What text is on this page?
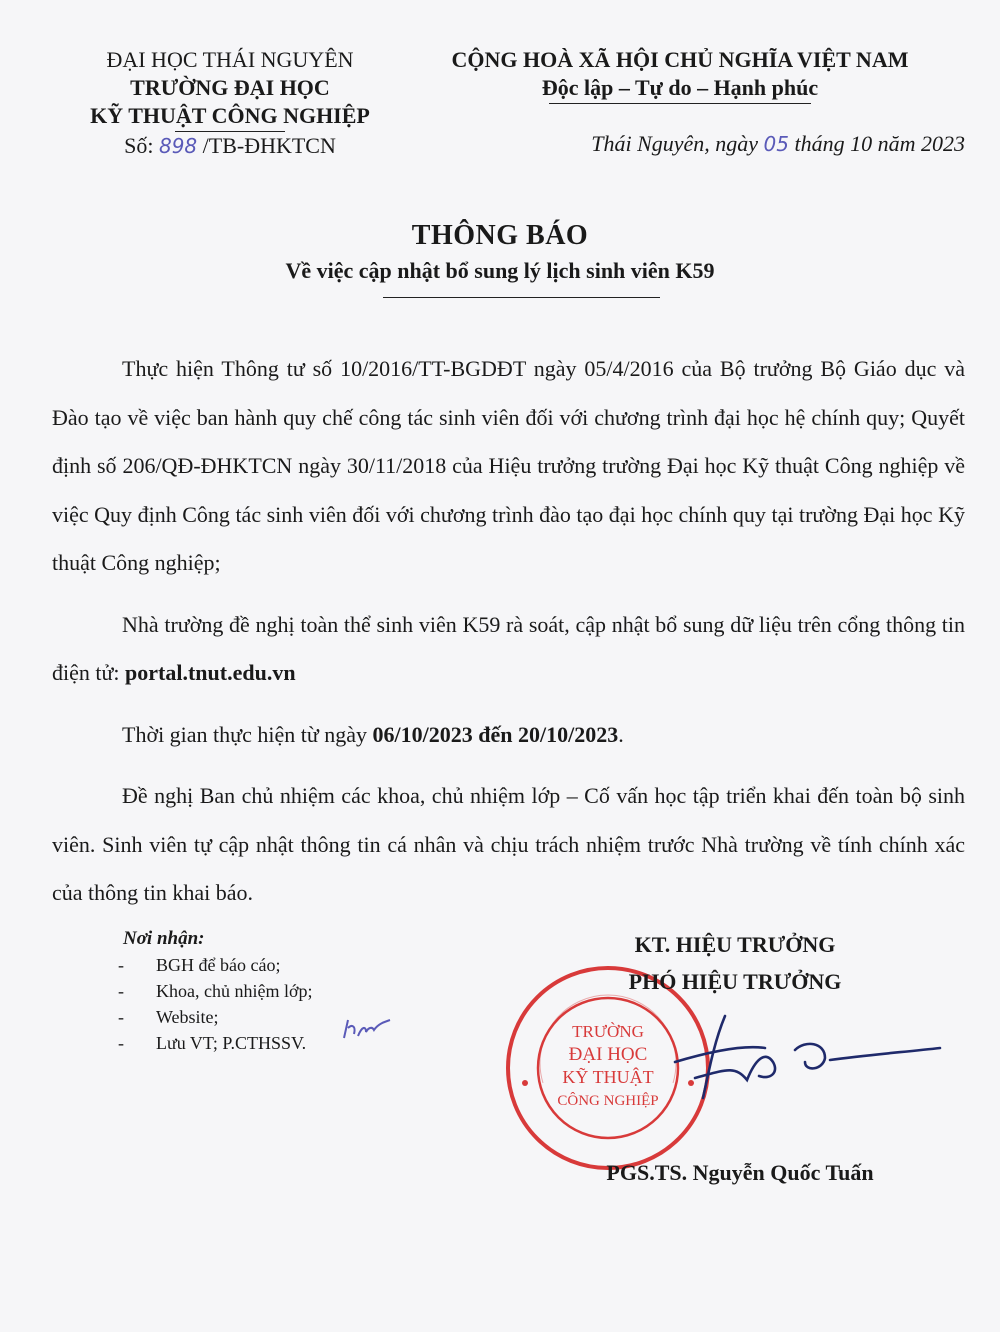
ĐẠI HỌC THÁI NGUYÊN
TRƯỜNG ĐẠI HỌC
KỸ THUẬT CÔNG NGHIỆP
Số: 898 /TB-ĐHKTCN
CỘNG HOÀ XÃ HỘI CHỦ NGHĨA VIỆT NAM
Độc lập – Tự do – Hạnh phúc
Thái Nguyên, ngày 05 tháng 10 năm 2023
THÔNG BÁO
Về việc cập nhật bổ sung lý lịch sinh viên K59

Thực hiện Thông tư số 10/2016/TT-BGDĐT ngày 05/4/2016 của Bộ trưởng Bộ Giáo dục và Đào tạo về việc ban hành quy chế công tác sinh viên đối với chương trình đại học hệ chính quy; Quyết định số 206/QĐ-ĐHKTCN ngày 30/11/2018 của Hiệu trưởng trường Đại học Kỹ thuật Công nghiệp về việc Quy định Công tác sinh viên đối với chương trình đào tạo đại học chính quy tại trường Đại học Kỹ thuật Công nghiệp;

Nhà trường đề nghị toàn thể sinh viên K59 rà soát, cập nhật bổ sung dữ liệu trên cổng thông tin điện tử: portal.tnut.edu.vn

Thời gian thực hiện từ ngày 06/10/2023 đến 20/10/2023.

Đề nghị Ban chủ nhiệm các khoa, chủ nhiệm lớp – Cố vấn học tập triển khai đến toàn bộ sinh viên. Sinh viên tự cập nhật thông tin cá nhân và chịu trách nhiệm trước Nhà trường về tính chính xác của thông tin khai báo.

Nơi nhận:
- BGH để báo cáo;
- Khoa, chủ nhiệm lớp;
- Website;
- Lưu VT; P.CTHSSV.
TRƯỜNG
ĐẠI HỌC
KỸ THUẬT
CÔNG NGHIỆP
KT. HIỆU TRƯỞNG
PHÓ HIỆU TRƯỞNG
PGS.TS. Nguyễn Quốc Tuấn
